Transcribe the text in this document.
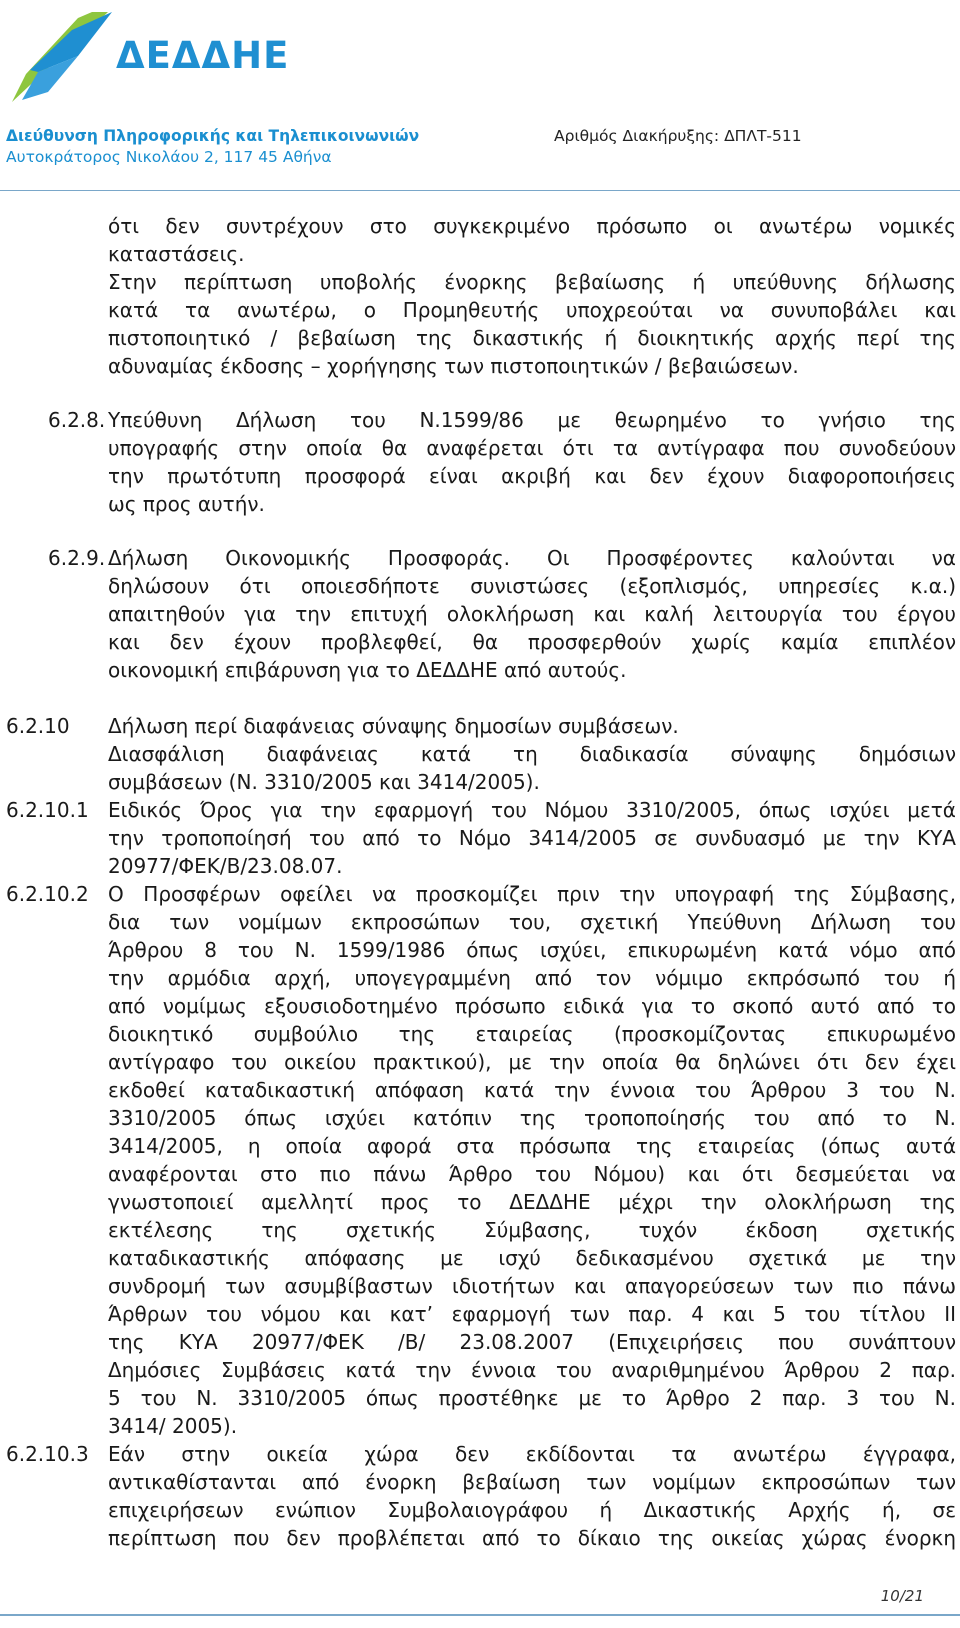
ΔΕΔΔΗΕ
Διεύθυνση Πληροφορικής και Τηλεπικοινωνιών
Αυτοκράτορος Νικολάου 2, 117 45 Αθήνα
Αριθμός Διακήρυξης: ΔΠΛΤ-511
ότι δεν συντρέχουν στο συγκεκριμένο πρόσωπο οι ανωτέρω νομικές
καταστάσεις.
Στην περίπτωση υποβολής ένορκης βεβαίωσης ή υπεύθυνης δήλωσης
κατά τα ανωτέρω, ο Προμηθευτής υποχρεούται να συνυποβάλει και
πιστοποιητικό / βεβαίωση της δικαστικής ή διοικητικής αρχής περί της
αδυναμίας έκδοσης – χορήγησης των πιστοποιητικών / βεβαιώσεων.
6.2.8. Υπεύθυνη Δήλωση του Ν.1599/86 με θεωρημένο το γνήσιο της
υπογραφής στην οποία θα αναφέρεται ότι τα αντίγραφα που συνοδεύουν
την πρωτότυπη προσφορά είναι ακριβή και δεν έχουν διαφοροποιήσεις
ως προς αυτήν.
6.2.9. Δήλωση Οικονομικής Προσφοράς. Οι Προσφέροντες καλούνται να
δηλώσουν ότι οποιεσδήποτε συνιστώσες (εξοπλισμός, υπηρεσίες κ.α.)
απαιτηθούν για την επιτυχή ολοκλήρωση και καλή λειτουργία του έργου
και δεν έχουν προβλεφθεί, θα προσφερθούν χωρίς καμία επιπλέον
οικονομική επιβάρυνση για το ΔΕΔΔΗΕ από αυτούς.
6.2.10 Δήλωση περί διαφάνειας σύναψης δημοσίων συμβάσεων.
Διασφάλιση διαφάνειας κατά τη διαδικασία σύναψης δημόσιων
συμβάσεων (Ν. 3310/2005 και 3414/2005).
6.2.10.1 Ειδικός Όρος για την εφαρμογή του Νόμου 3310/2005, όπως ισχύει μετά
την τροποποίησή του από το Νόμο 3414/2005 σε συνδυασμό με την ΚΥΑ
20977/ΦΕΚ/Β/23.08.07.
6.2.10.2 Ο Προσφέρων οφείλει να προσκομίζει πριν την υπογραφή της Σύμβασης,
δια των νομίμων εκπροσώπων του, σχετική Υπεύθυνη Δήλωση του
Άρθρου 8 του Ν. 1599/1986 όπως ισχύει, επικυρωμένη κατά νόμο από
την αρμόδια αρχή, υπογεγραμμένη από τον νόμιμο εκπρόσωπό του ή
από νομίμως εξουσιοδοτημένο πρόσωπο ειδικά για το σκοπό αυτό από το
διοικητικό συμβούλιο της εταιρείας (προσκομίζοντας επικυρωμένο
αντίγραφο του οικείου πρακτικού), με την οποία θα δηλώνει ότι δεν έχει
εκδοθεί καταδικαστική απόφαση κατά την έννοια του Άρθρου 3 του Ν.
3310/2005 όπως ισχύει κατόπιν της τροποποίησής του από το Ν.
3414/2005, η οποία αφορά στα πρόσωπα της εταιρείας (όπως αυτά
αναφέρονται στο πιο πάνω Άρθρο του Νόμου) και ότι δεσμεύεται να
γνωστοποιεί αμελλητί προς το ΔΕΔΔΗΕ μέχρι την ολοκλήρωση της
εκτέλεσης της σχετικής Σύμβασης, τυχόν έκδοση σχετικής
καταδικαστικής απόφασης με ισχύ δεδικασμένου σχετικά με την
συνδρομή των ασυμβίβαστων ιδιοτήτων και απαγορεύσεων των πιο πάνω
Άρθρων του νόμου και κατ’ εφαρμογή των παρ. 4 και 5 του τίτλου ΙΙ
της ΚΥΑ 20977/ΦΕΚ /Β/ 23.08.2007 (Επιχειρήσεις που συνάπτουν
Δημόσιες Συμβάσεις κατά την έννοια του αναριθμημένου Άρθρου 2 παρ.
5 του Ν. 3310/2005 όπως προστέθηκε με το Άρθρο 2 παρ. 3 του Ν.
3414/ 2005).
6.2.10.3 Εάν στην οικεία χώρα δεν εκδίδονται τα ανωτέρω έγγραφα,
αντικαθίστανται από ένορκη βεβαίωση των νομίμων εκπροσώπων των
επιχειρήσεων ενώπιον Συμβολαιογράφου ή Δικαστικής Αρχής ή, σε
περίπτωση που δεν προβλέπεται από το δίκαιο της οικείας χώρας ένορκη
10/21
